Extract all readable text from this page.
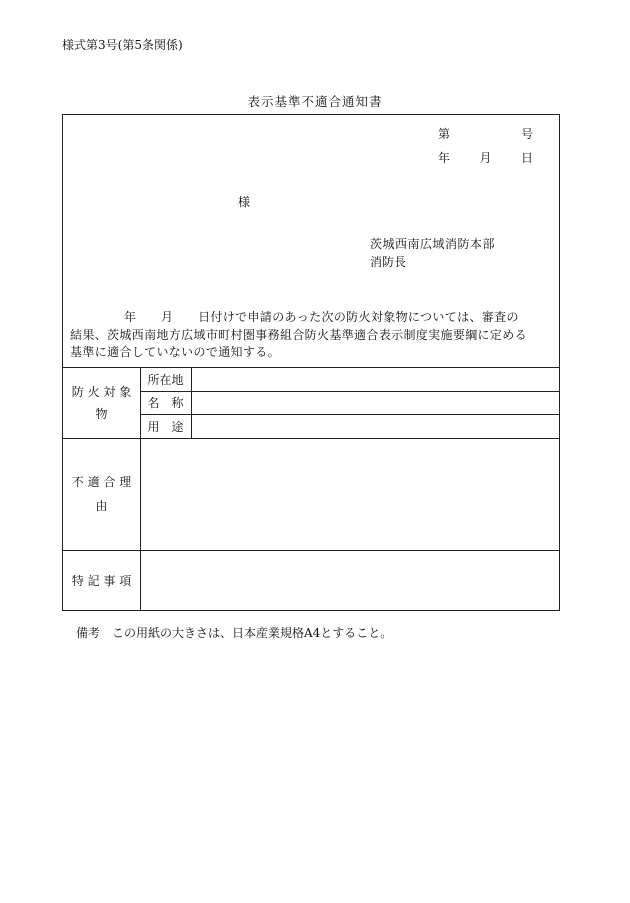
様式第3号(第5条関係)
表示基準不適合通知書
第	号
年 月 日
様
茨城西南広域消防本部
消防長
年　　月　　日付けで申請のあった次の防火対象物については、審査の
結果、茨城西南地方広域市町村圏事務組合防火基準適合表示制度実施要綱に定める
基準に適合していないので通知する。
防 火 対 象
物
所在地
名　称
用　途
不 適 合 理
由
特 記 事 項
備考　この用紙の大きさは、日本産業規格A4とすること。
